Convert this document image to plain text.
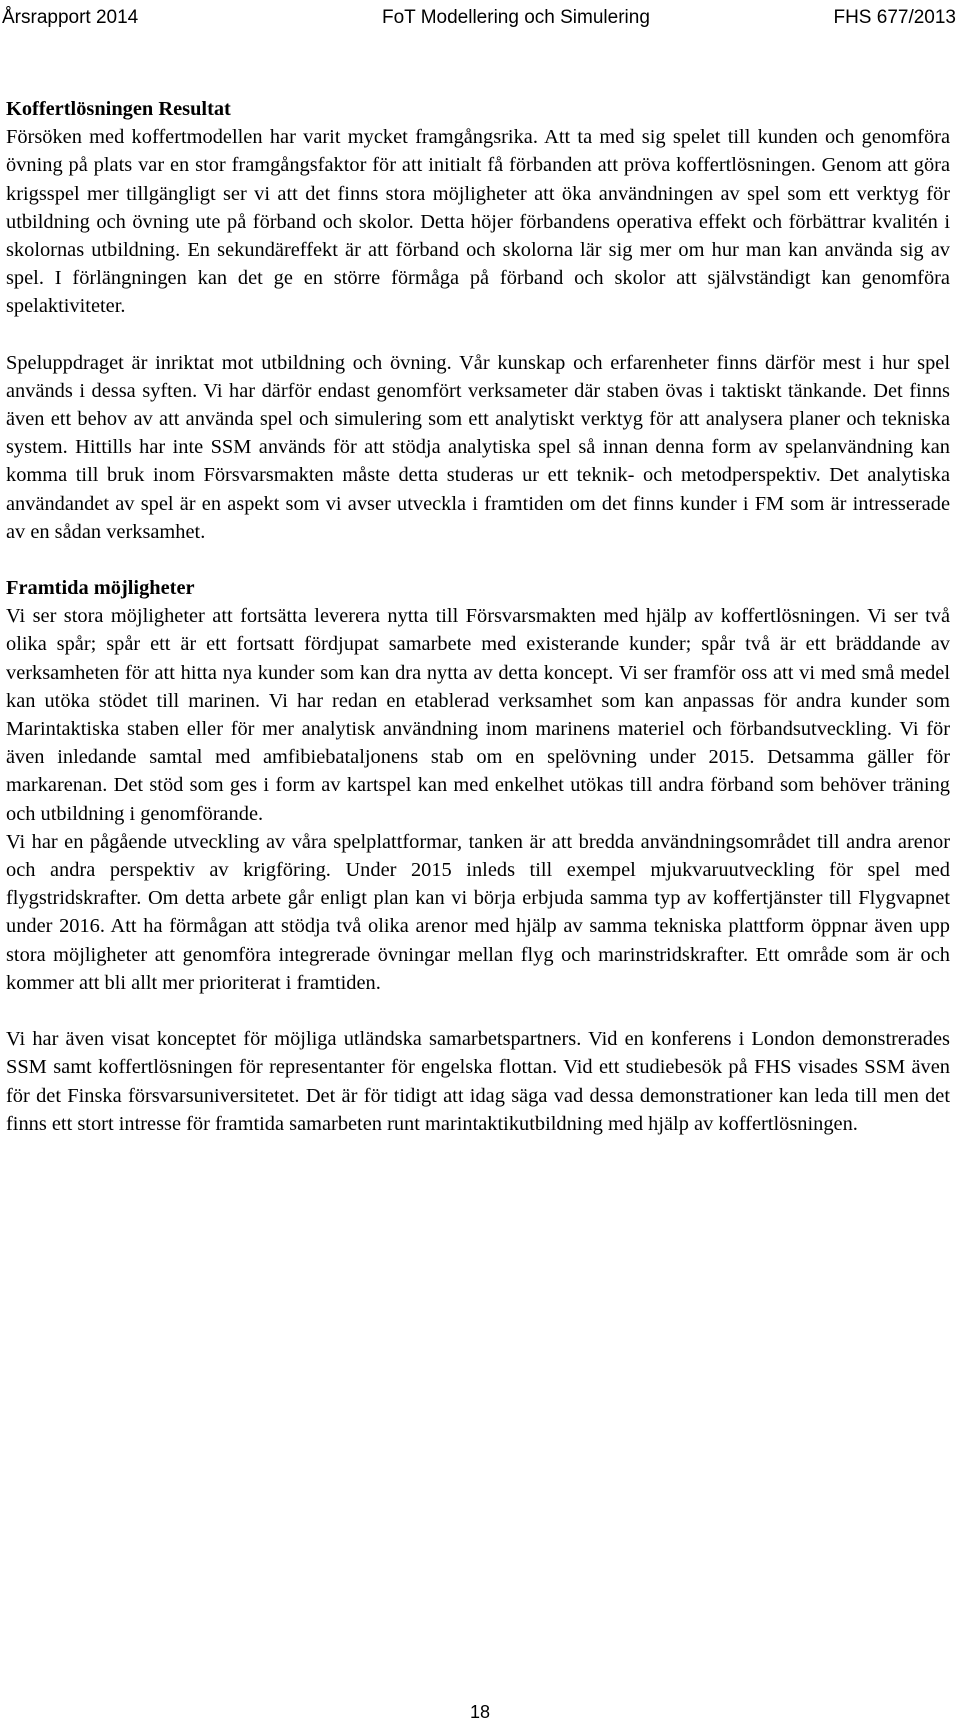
Årsrapport 2014	FoT Modellering och Simulering	FHS 677/2013

Koffertlösningen Resultat

Försöken med koffertmodellen har varit mycket framgångsrika. Att ta med sig spelet till kunden och genomföra övning på plats var en stor framgångsfaktor för att initialt få förbanden att pröva koffertlösningen. Genom att göra krigsspel mer tillgängligt ser vi att det finns stora möjligheter att öka användningen av spel som ett verktyg för utbildning och övning ute på förband och skolor. Detta höjer förbandens operativa effekt och förbättrar kvalitén i skolornas utbildning. En sekundäreffekt är att förband och skolorna lär sig mer om hur man kan använda sig av spel. I förlängningen kan det ge en större förmåga på förband och skolor att självständigt kan genomföra spelaktiviteter.

Speluppdraget är inriktat mot utbildning och övning. Vår kunskap och erfarenheter finns därför mest i hur spel används i dessa syften. Vi har därför endast genomfört verksameter där staben övas i taktiskt tänkande. Det finns även ett behov av att använda spel och simulering som ett analytiskt verktyg för att analysera planer och tekniska system. Hittills har inte SSM används för att stödja analytiska spel så innan denna form av spelanvändning kan komma till bruk inom Försvarsmakten måste detta studeras ur ett teknik- och metodperspektiv. Det analytiska användandet av spel är en aspekt som vi avser utveckla i framtiden om det finns kunder i FM som är intresserade av en sådan verksamhet.

Framtida möjligheter

Vi ser stora möjligheter att fortsätta leverera nytta till Försvarsmakten med hjälp av koffertlösningen. Vi ser två olika spår; spår ett är ett fortsatt fördjupat samarbete med existerande kunder; spår två är ett bräddande av verksamheten för att hitta nya kunder som kan dra nytta av detta koncept. Vi ser framför oss att vi med små medel kan utöka stödet till marinen. Vi har redan en etablerad verksamhet som kan anpassas för andra kunder som Marintaktiska staben eller för mer analytisk användning inom marinens materiel och förbandsutveckling. Vi för även inledande samtal med amfibiebataljonens stab om en spelövning under 2015. Detsamma gäller för markarenan. Det stöd som ges i form av kartspel kan med enkelhet utökas till andra förband som behöver träning och utbildning i genomförande.

Vi har en pågående utveckling av våra spelplattformar, tanken är att bredda användningsområdet till andra arenor och andra perspektiv av krigföring. Under 2015 inleds till exempel mjukvaruutveckling för spel med flygstridskrafter. Om detta arbete går enligt plan kan vi börja erbjuda samma typ av koffertjänster till Flygvapnet under 2016. Att ha förmågan att stödja två olika arenor med hjälp av samma tekniska plattform öppnar även upp stora möjligheter att genomföra integrerade övningar mellan flyg och marinstridskrafter. Ett område som är och kommer att bli allt mer prioriterat i framtiden.

Vi har även visat konceptet för möjliga utländska samarbetspartners. Vid en konferens i London demonstrerades SSM samt koffertlösningen för representanter för engelska flottan. Vid ett studiebesök på FHS visades SSM även för det Finska försvarsuniversitetet. Det är för tidigt att idag säga vad dessa demonstrationer kan leda till men det finns ett stort intresse för framtida samarbeten runt marintaktikutbildning med hjälp av koffertlösningen.

18
